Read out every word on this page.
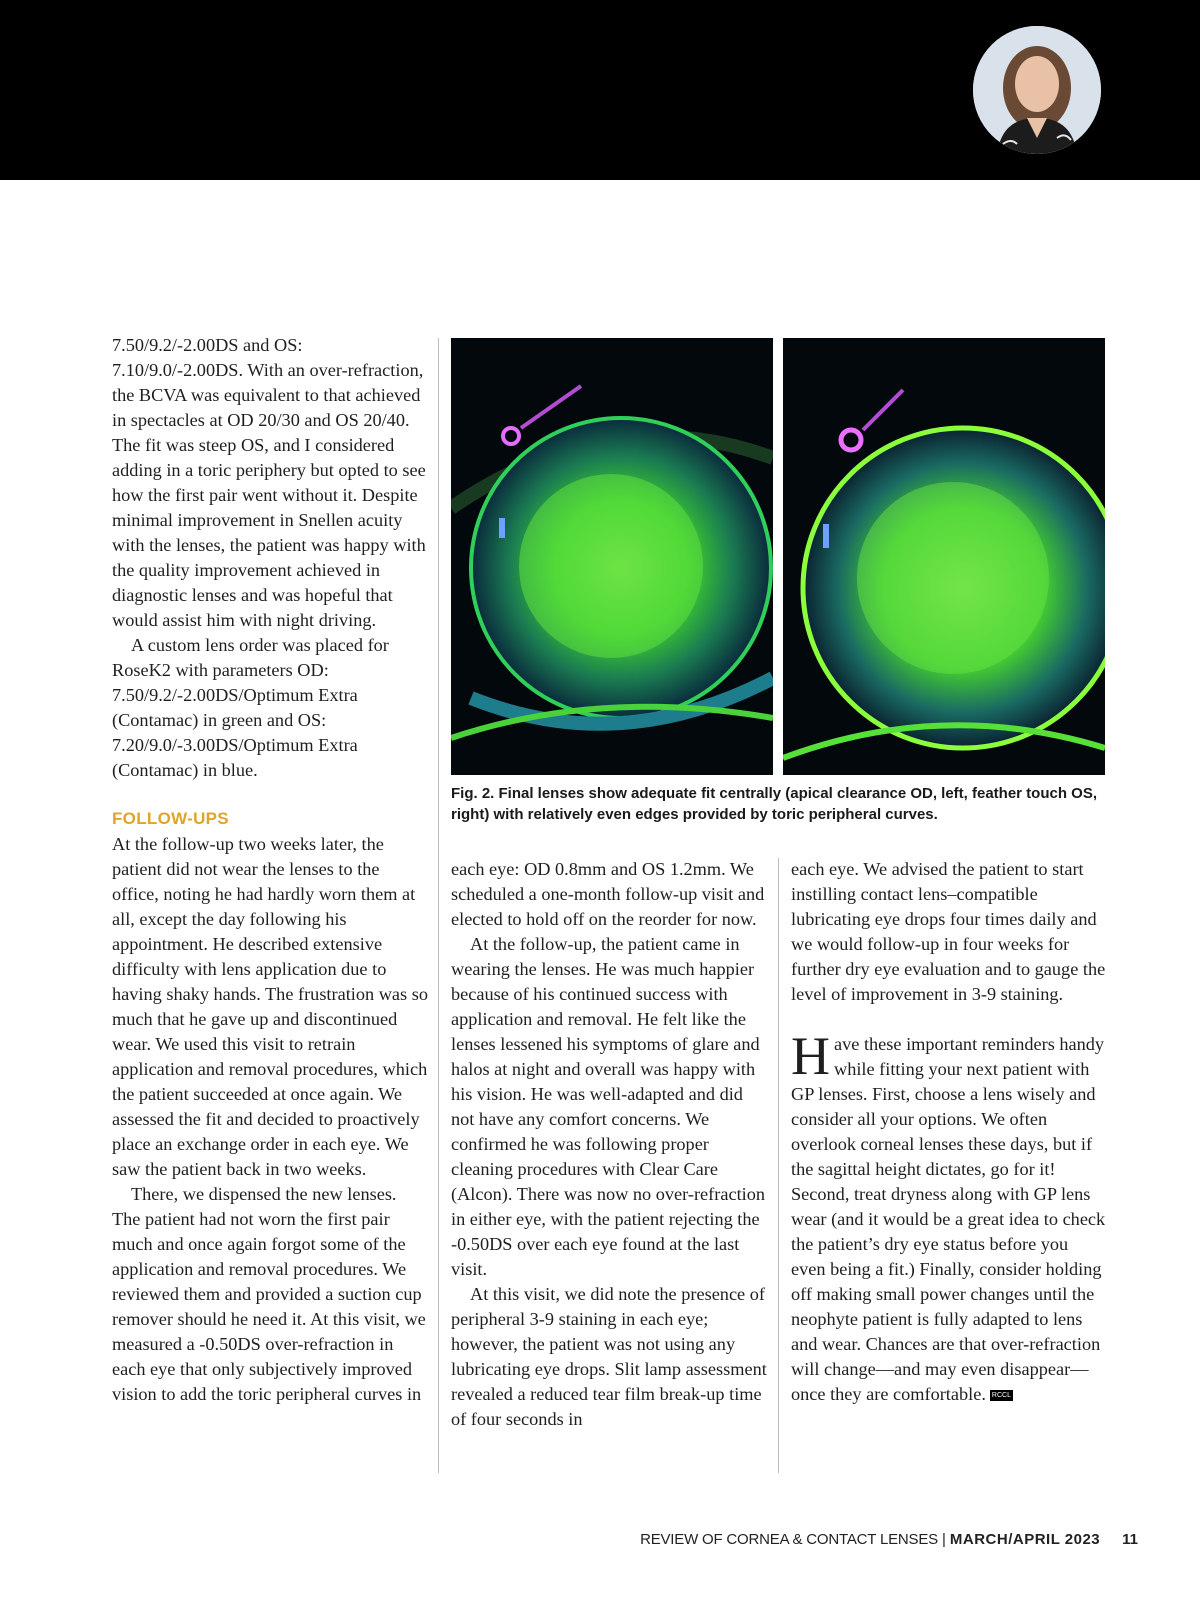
7.50/9.2/-2.00DS and OS: 7.10/9.0/-2.00DS. With an over-refraction, the BCVA was equivalent to that achieved in spectacles at OD 20/30 and OS 20/40. The fit was steep OS, and I considered adding in a toric periphery but opted to see how the first pair went without it. Despite minimal improvement in Snellen acuity with the lenses, the patient was happy with the quality improvement achieved in diagnostic lenses and was hopeful that would assist him with night driving.

A custom lens order was placed for RoseK2 with parameters OD: 7.50/9.2/-2.00DS/Optimum Extra (Contamac) in green and OS: 7.20/9.0/-3.00DS/Optimum Extra (Contamac) in blue.

FOLLOW-UPS

At the follow-up two weeks later, the patient did not wear the lenses to the office, noting he had hardly worn them at all, except the day following his appointment. He described extensive difficulty with lens application due to having shaky hands. The frustration was so much that he gave up and discontinued wear. We used this visit to retrain application and removal procedures, which the patient succeeded at once again. We assessed the fit and decided to proactively place an exchange order in each eye. We saw the patient back in two weeks.

There, we dispensed the new lenses. The patient had not worn the first pair much and once again forgot some of the application and removal procedures. We reviewed them and provided a suction cup remover should he need it. At this visit, we measured a -0.50DS over-refraction in each eye that only subjectively improved vision to add the toric peripheral curves in

Fig. 2. Final lenses show adequate fit centrally (apical clearance OD, left, feather touch OS, right) with relatively even edges provided by toric peripheral curves.

each eye: OD 0.8mm and OS 1.2mm. We scheduled a one-month follow-up visit and elected to hold off on the reorder for now.

At the follow-up, the patient came in wearing the lenses. He was much happier because of his continued success with application and removal. He felt like the lenses lessened his symptoms of glare and halos at night and overall was happy with his vision. He was well-adapted and did not have any comfort concerns. We confirmed he was following proper cleaning procedures with Clear Care (Alcon). There was now no over-refraction in either eye, with the patient rejecting the -0.50DS over each eye found at the last visit.

At this visit, we did note the presence of peripheral 3-9 staining in each eye; however, the patient was not using any lubricating eye drops. Slit lamp assessment revealed a reduced tear film break-up time of four seconds in

each eye. We advised the patient to start instilling contact lens–compatible lubricating eye drops four times daily and we would follow-up in four weeks for further dry eye evaluation and to gauge the level of improvement in 3-9 staining.

Have these important reminders handy while fitting your next patient with GP lenses. First, choose a lens wisely and consider all your options. We often overlook corneal lenses these days, but if the sagittal height dictates, go for it! Second, treat dryness along with GP lens wear (and it would be a great idea to check the patient’s dry eye status before you even being a fit.) Finally, consider holding off making small power changes until the neophyte patient is fully adapted to lens and wear. Chances are that over-refraction will change—and may even disappear—once they are comfortable. RCCL

REVIEW OF CORNEA & CONTACT LENSES | MARCH/APRIL 2023 11
